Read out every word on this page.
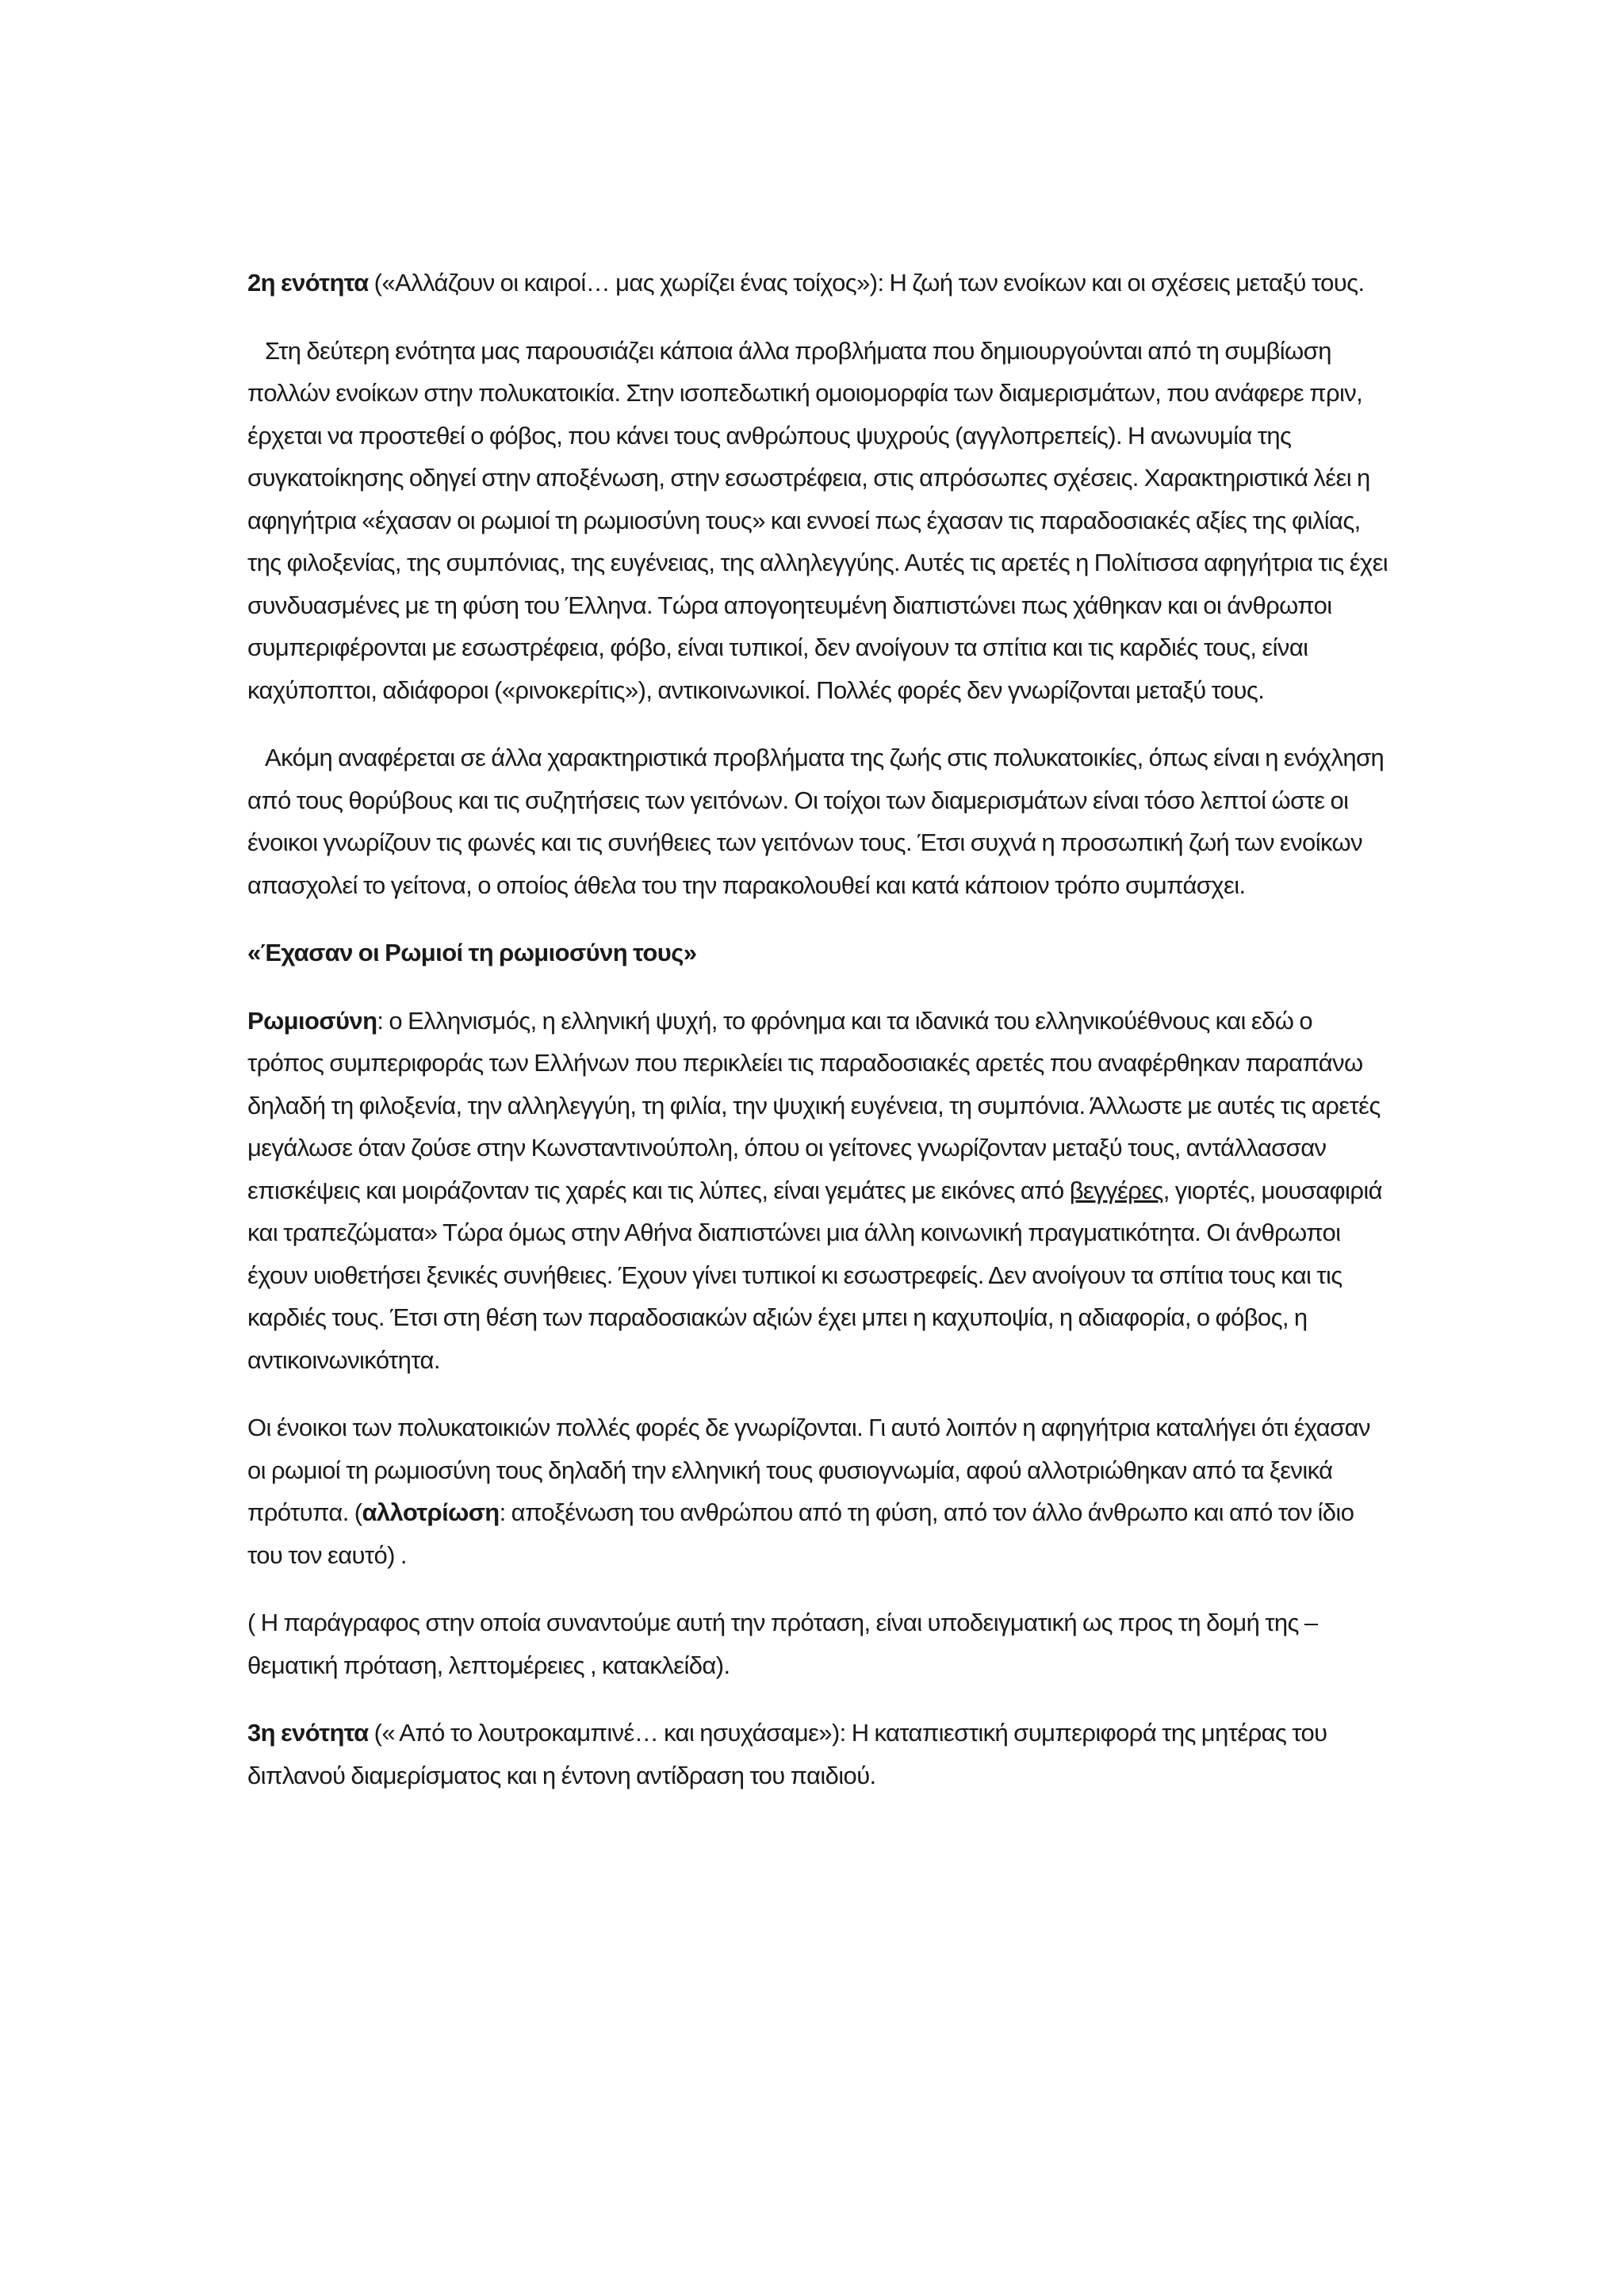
2η ενότητα («Αλλάζουν οι καιροί… μας χωρίζει ένας τοίχος»): Η ζωή των ενοίκων και οι σχέσεις μεταξύ τους.

Στη δεύτερη ενότητα μας παρουσιάζει κάποια άλλα προβλήματα που δημιουργούνται από τη συμβίωση πολλών ενοίκων στην πολυκατοικία. Στην ισοπεδωτική ομοιομορφία των διαμερισμάτων, που ανάφερε πριν, έρχεται να προστεθεί ο φόβος, που κάνει τους ανθρώπους ψυχρούς (αγγλοπρεπείς). Η ανωνυμία της συγκατοίκησης οδηγεί στην αποξένωση, στην εσωστρέφεια, στις απρόσωπες σχέσεις. Χαρακτηριστικά λέει η αφηγήτρια «έχασαν οι ρωμιοί τη ρωμιοσύνη τους» και εννοεί πως έχασαν τις παραδοσιακές αξίες της φιλίας, της φιλοξενίας, της συμπόνιας, της ευγένειας, της αλληλεγγύης. Αυτές τις αρετές η Πολίτισσα αφηγήτρια τις έχει συνδυασμένες με τη φύση του Έλληνα. Τώρα απογοητευμένη διαπιστώνει πως χάθηκαν και οι άνθρωποι συμπεριφέρονται με εσωστρέφεια, φόβο, είναι τυπικοί, δεν ανοίγουν τα σπίτια και τις καρδιές τους, είναι καχύποπτοι, αδιάφοροι («ρινοκερίτις»), αντικοινωνικοί. Πολλές φορές δεν γνωρίζονται μεταξύ τους.

Ακόμη αναφέρεται σε άλλα χαρακτηριστικά προβλήματα της ζωής στις πολυκατοικίες, όπως είναι η ενόχληση από τους θορύβους και τις συζητήσεις των γειτόνων. Οι τοίχοι των διαμερισμάτων είναι τόσο λεπτοί ώστε οι ένοικοι γνωρίζουν τις φωνές και τις συνήθειες των γειτόνων τους. Έτσι συχνά η προσωπική ζωή των ενοίκων απασχολεί το γείτονα, ο οποίος άθελα του την παρακολουθεί και κατά κάποιον τρόπο συμπάσχει.

«Έχασαν οι Ρωμιοί τη ρωμιοσύνη τους»

Ρωμιοσύνη: ο Ελληνισμός, η ελληνική ψυχή, το φρόνημα και τα ιδανικά του ελληνικούέθνους και εδώ ο τρόπος συμπεριφοράς των Ελλήνων που περικλείει τις παραδοσιακές αρετές που αναφέρθηκαν παραπάνω δηλαδή τη φιλοξενία, την αλληλεγγύη, τη φιλία, την ψυχική ευγένεια, τη συμπόνια. Άλλωστε με αυτές τις αρετές μεγάλωσε όταν ζούσε στην Κωνσταντινούπολη, όπου οι γείτονες γνωρίζονταν μεταξύ τους, αντάλλασσαν επισκέψεις και μοιράζονταν τις χαρές και τις λύπες, είναι γεμάτες με εικόνες από βεγγέρες, γιορτές, μουσαφιριά και τραπεζώματα» Τώρα όμως στην Αθήνα διαπιστώνει μια άλλη κοινωνική πραγματικότητα. Οι άνθρωποι έχουν υιοθετήσει ξενικές συνήθειες. Έχουν γίνει τυπικοί κι εσωστρεφείς. Δεν ανοίγουν τα σπίτια τους και τις καρδιές τους. Έτσι στη θέση των παραδοσιακών αξιών έχει μπει η καχυποψία, η αδιαφορία, ο φόβος, η αντικοινωνικότητα.

Οι ένοικοι των πολυκατοικιών πολλές φορές δε γνωρίζονται. Γι αυτό λοιπόν η αφηγήτρια καταλήγει ότι έχασαν οι ρωμιοί τη ρωμιοσύνη τους δηλαδή την ελληνική τους φυσιογνωμία, αφού αλλοτριώθηκαν από τα ξενικά πρότυπα. (αλλοτρίωση: αποξένωση του ανθρώπου από τη φύση, από τον άλλο άνθρωπο και από τον ίδιο του τον εαυτό) .

( Η παράγραφος στην οποία συναντούμε αυτή την πρόταση, είναι υποδειγματική ως προς τη δομή της – θεματική πρόταση, λεπτομέρειες , κατακλείδα).

3η ενότητα (« Από το λουτροκαμπινέ… και ησυχάσαμε»): Η καταπιεστική συμπεριφορά της μητέρας του διπλανού διαμερίσματος και η έντονη αντίδραση του παιδιού.
